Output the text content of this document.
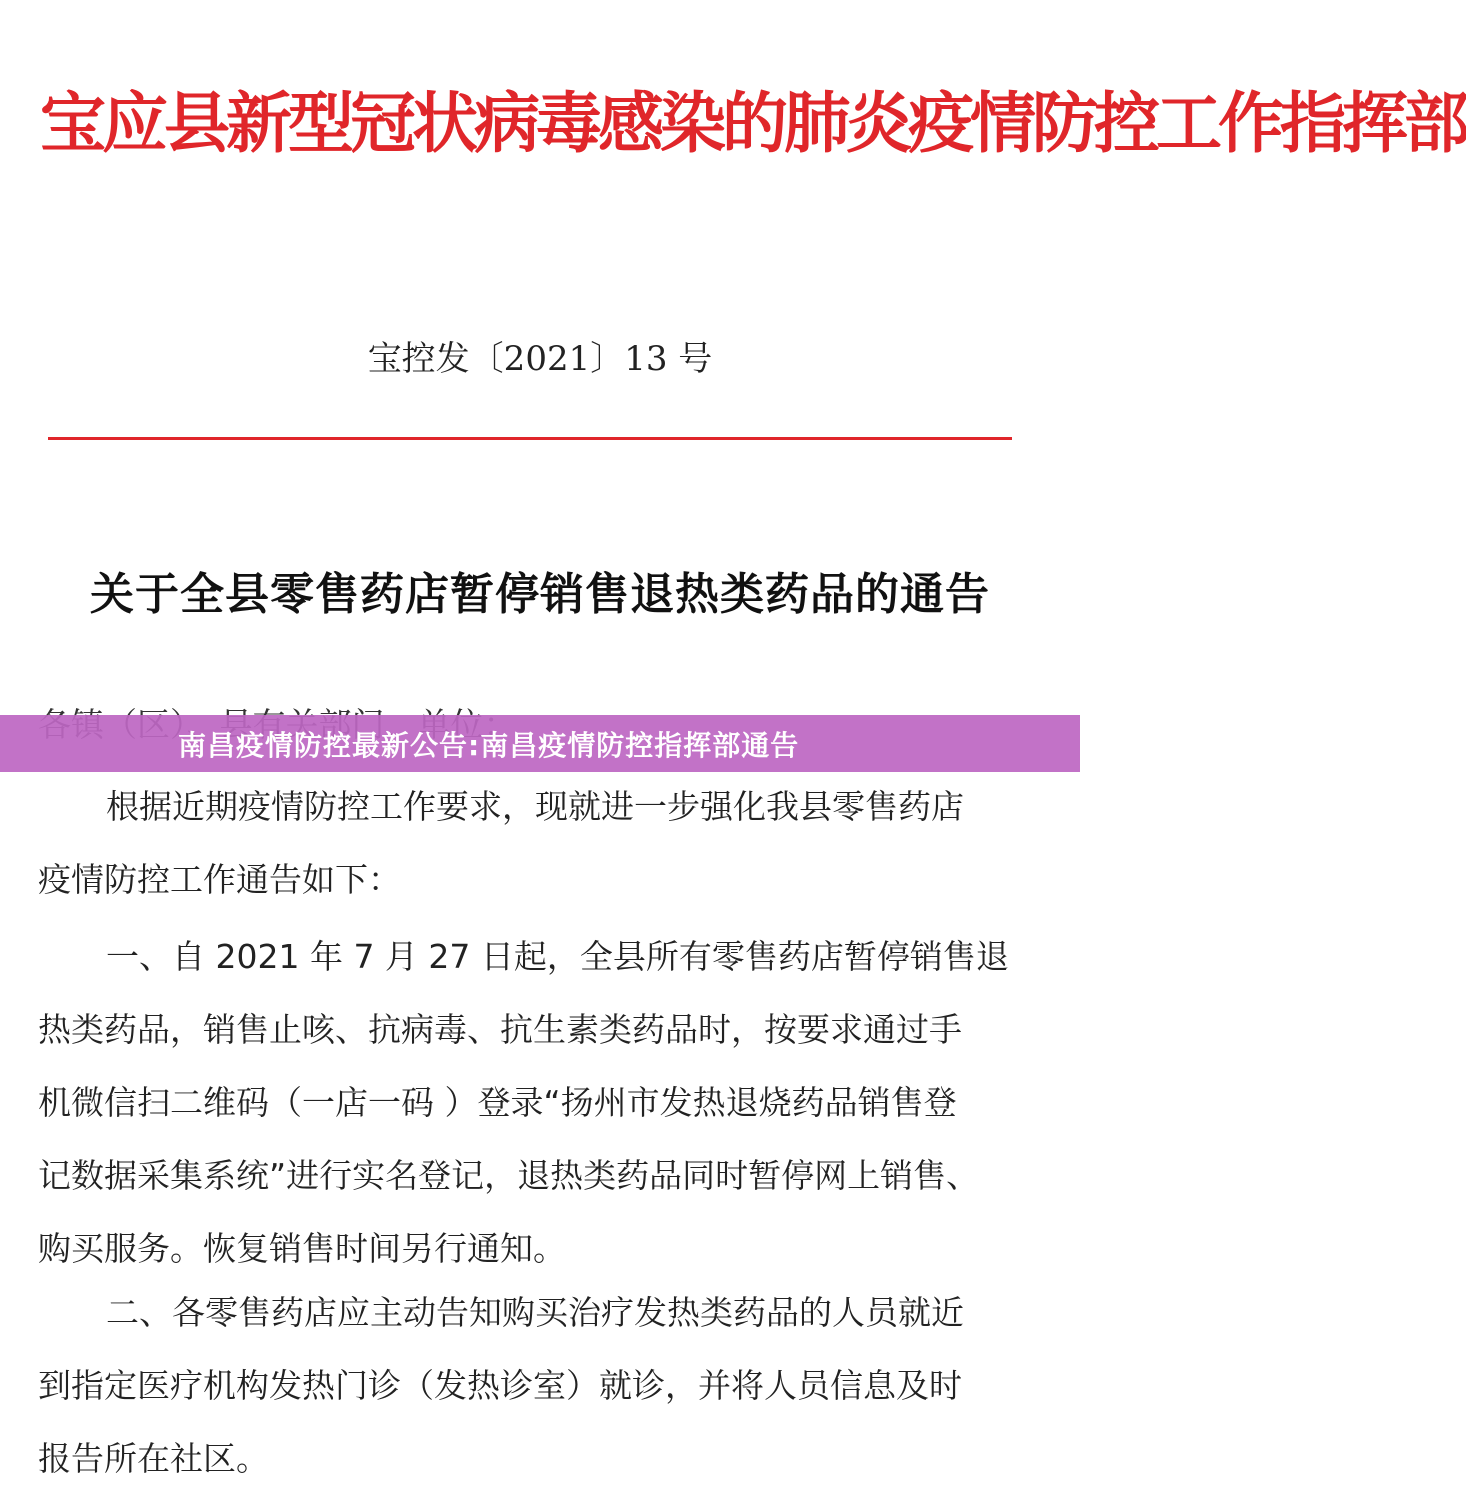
宝应县新型冠状病毒感染的肺炎疫情防控工作指挥部
宝控发〔2021〕13 号
关于全县零售药店暂停销售退热类药品的通告
南昌疫情防控最新公告:南昌疫情防控指挥部通告
根据近期疫情防控工作要求，现就进一步强化我县零售药店
疫情防控工作通告如下：
一、自 2021 年 7 月 27 日起，全县所有零售药店暂停销售退
热类药品，销售止咳、抗病毒、抗生素类药品时，按要求通过手
机微信扫二维码（一店一码 ）登录“扬州市发热退烧药品销售登
记数据采集系统”进行实名登记，退热类药品同时暂停网上销售、
购买服务。恢复销售时间另行通知。
二、各零售药店应主动告知购买治疗发热类药品的人员就近
到指定医疗机构发热门诊（发热诊室）就诊，并将人员信息及时
报告所在社区。
